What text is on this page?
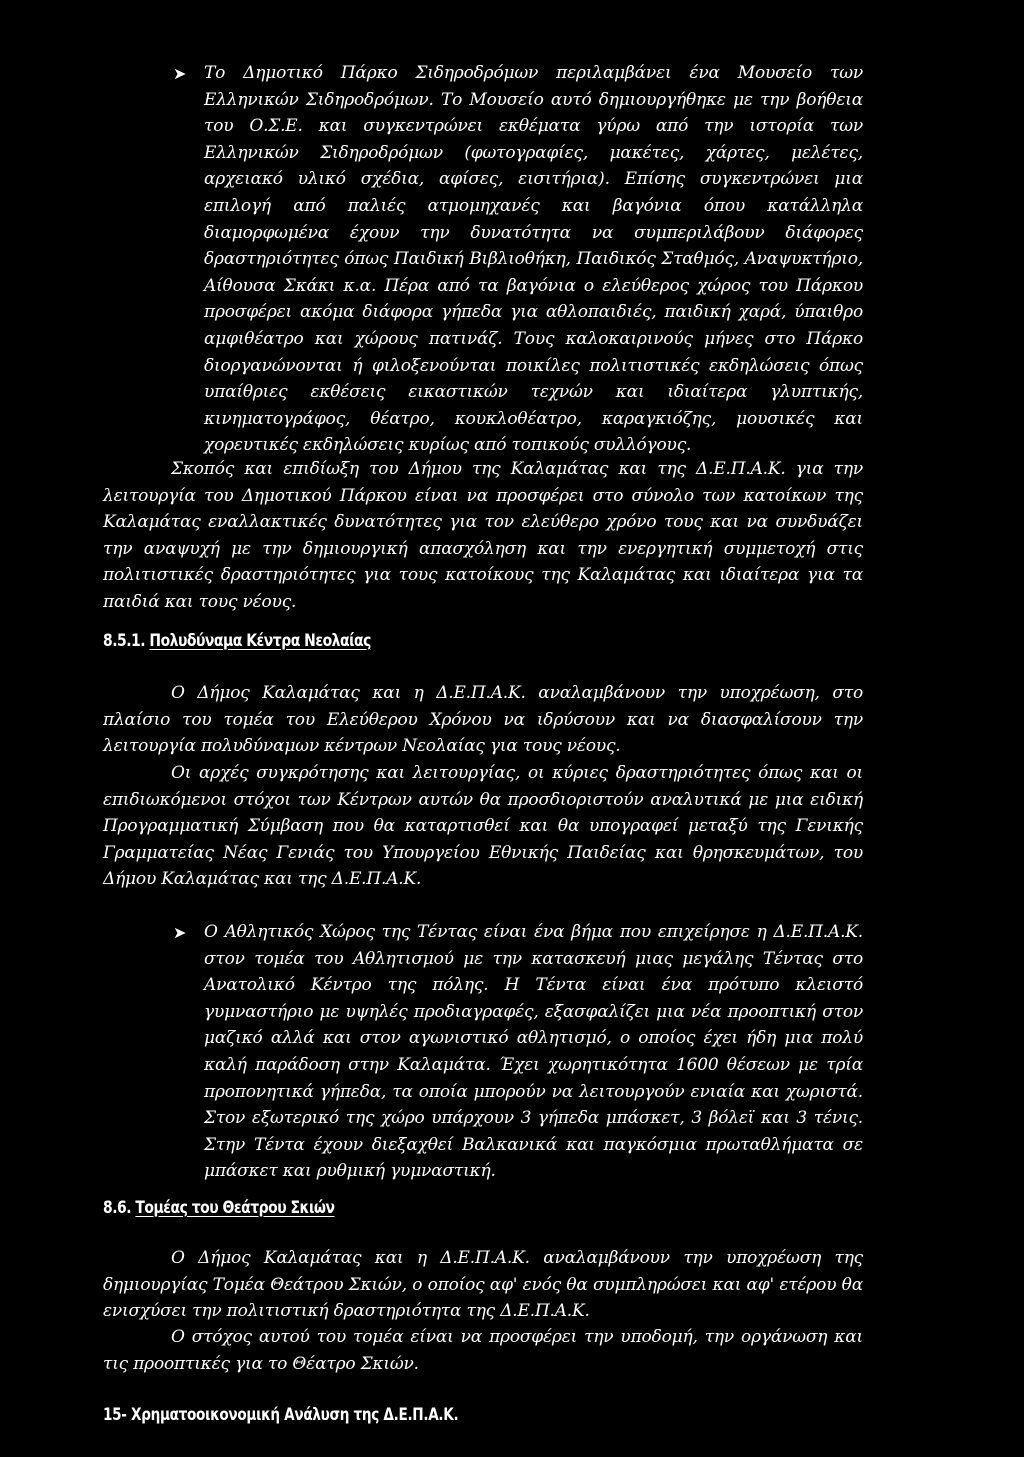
➤ Το Δημοτικό Πάρκο Σιδηροδρόμων περιλαμβάνει ένα Μουσείο των Ελληνικών Σιδηροδρόμων. Το Μουσείο αυτό δημιουργήθηκε με την βοήθεια του Ο.Σ.Ε. και συγκεντρώνει εκθέματα γύρω από την ιστορία των Ελληνικών Σιδηροδρόμων (φωτογραφίες, μακέτες, χάρτες, μελέτες, αρχειακό υλικό σχέδια, αφίσες, εισιτήρια). Επίσης συγκεντρώνει μια επιλογή από παλιές ατμομηχανές και βαγόνια όπου κατάλληλα διαμορφωμένα έχουν την δυνατότητα να συμπεριλάβουν διάφορες δραστηριότητες όπως Παιδική Βιβλιοθήκη, Παιδικός Σταθμός, Αναψυκτήριο, Αίθουσα Σκάκι κ.α. Πέρα από τα βαγόνια ο ελεύθερος χώρος του Πάρκου προσφέρει ακόμα διάφορα γήπεδα για αθλοπαιδιές, παιδική χαρά, ύπαιθρο αμφιθέατρο και χώρους πατινάζ. Τους καλοκαιρινούς μήνες στο Πάρκο διοργανώνονται ή φιλοξενούνται ποικίλες πολιτιστικές εκδηλώσεις όπως υπαίθριες εκθέσεις εικαστικών τεχνών και ιδιαίτερα γλυπτικής, κινηματογράφος, θέατρο, κουκλοθέατρο, καραγκιόζης, μουσικές και χορευτικές εκδηλώσεις κυρίως από τοπικούς συλλόγους.
Σκοπός και επιδίωξη του Δήμου της Καλαμάτας και της Δ.Ε.Π.Α.Κ. για την λειτουργία του Δημοτικού Πάρκου είναι να προσφέρει στο σύνολο των κατοίκων της Καλαμάτας εναλλακτικές δυνατότητες για τον ελεύθερο χρόνο τους και να συνδυάζει την αναψυχή με την δημιουργική απασχόληση και την ενεργητική συμμετοχή στις πολιτιστικές δραστηριότητες για τους κατοίκους της Καλαμάτας και ιδιαίτερα για τα παιδιά και τους νέους.
8.5.1. Πολυδύναμα Κέντρα Νεολαίας
Ο Δήμος Καλαμάτας και η Δ.Ε.Π.Α.Κ. αναλαμβάνουν την υποχρέωση, στο πλαίσιο του τομέα του Ελεύθερου Χρόνου να ιδρύσουν και να διασφαλίσουν την λειτουργία πολυδύναμων κέντρων Νεολαίας για τους νέους.
Οι αρχές συγκρότησης και λειτουργίας, οι κύριες δραστηριότητες όπως και οι επιδιωκόμενοι στόχοι των Κέντρων αυτών θα προσδιοριστούν αναλυτικά με μια ειδική Προγραμματική Σύμβαση που θα καταρτισθεί και θα υπογραφεί μεταξύ της Γενικής Γραμματείας Νέας Γενιάς του Υπουργείου Εθνικής Παιδείας και θρησκευμάτων, του Δήμου Καλαμάτας και της Δ.Ε.Π.Α.Κ.
➤ Ο Αθλητικός Χώρος της Τέντας είναι ένα βήμα που επιχείρησε η Δ.Ε.Π.Α.Κ. στον τομέα του Αθλητισμού με την κατασκευή μιας μεγάλης Τέντας στο Ανατολικό Κέντρο της πόλης. Η Τέντα είναι ένα πρότυπο κλειστό γυμναστήριο με υψηλές προδιαγραφές, εξασφαλίζει μια νέα προοπτική στον μαζικό αλλά και στον αγωνιστικό αθλητισμό, ο οποίος έχει ήδη μια πολύ καλή παράδοση στην Καλαμάτα. Έχει χωρητικότητα 1600 θέσεων με τρία προπονητικά γήπεδα, τα οποία μπορούν να λειτουργούν ενιαία και χωριστά. Στον εξωτερικό της χώρο υπάρχουν 3 γήπεδα μπάσκετ, 3 βόλεϊ και 3 τένις. Στην Τέντα έχουν διεξαχθεί Βαλκανικά και παγκόσμια πρωταθλήματα σε μπάσκετ και ρυθμική γυμναστική.
8.6. Τομέας του Θεάτρου Σκιών
Ο Δήμος Καλαμάτας και η Δ.Ε.Π.Α.Κ. αναλαμβάνουν την υποχρέωση της δημιουργίας Τομέα Θεάτρου Σκιών, ο οποίος αφ' ενός θα συμπληρώσει και αφ' ετέρου θα ενισχύσει την πολιτιστική δραστηριότητα της Δ.Ε.Π.Α.Κ.
Ο στόχος αυτού του τομέα είναι να προσφέρει την υποδομή, την οργάνωση και τις προοπτικές για το Θέατρο Σκιών.
15- Χρηματοοικονομική Ανάλυση της Δ.Ε.Π.Α.Κ.
